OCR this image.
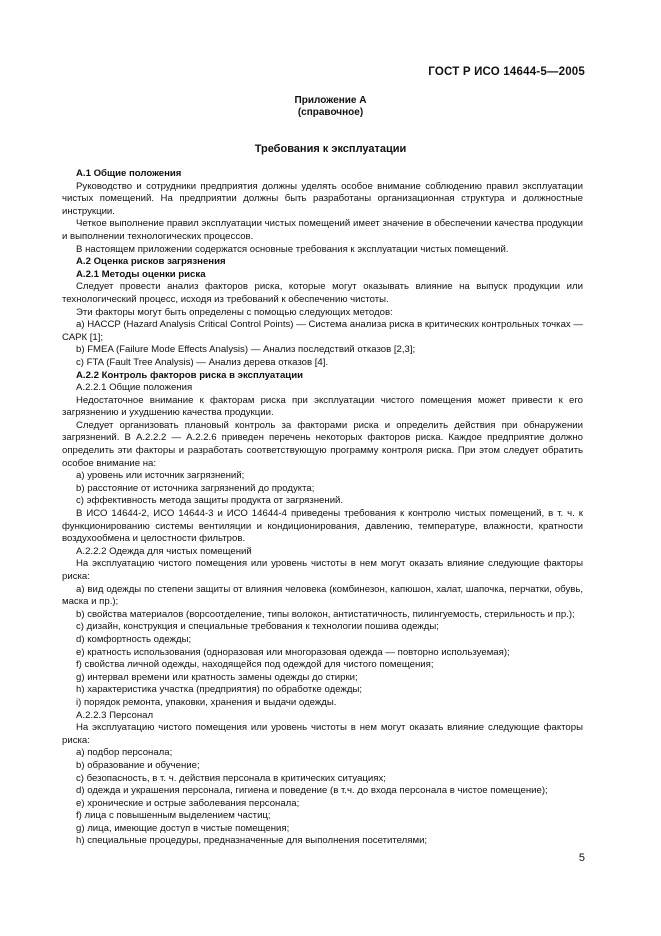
ГОСТ Р ИСО 14644-5—2005
Приложение А
(справочное)
Требования к эксплуатации

А.1 Общие положения

Руководство и сотрудники предприятия должны уделять особое внимание соблюдению правил эксплуатации чистых помещений. На предприятии должны быть разработаны организационная структура и должностные инструкции.

Четкое выполнение правил эксплуатации чистых помещений имеет значение в обеспечении качества продукции и выполнении технологических процессов.

В настоящем приложении содержатся основные требования к эксплуатации чистых помещений.

А.2 Оценка рисков загрязнения

А.2.1 Методы оценки риска

Следует провести анализ факторов риска, которые могут оказывать влияние на выпуск продукции или технологический процесс, исходя из требований к обеспечению чистоты.

Эти факторы могут быть определены с помощью следующих методов:

a) HACCP (Hazard Analysis Critical Control Points) — Система анализа риска в критических контрольных точках — САРК [1];

b) FMEA (Failure Mode Effects Analysis) — Анализ последствий отказов [2,3];

c) FTA (Fault Tree Analysis) — Анализ дерева отказов [4].

А.2.2 Контроль факторов риска в эксплуатации

А.2.2.1 Общие положения

Недостаточное внимание к факторам риска при эксплуатации чистого помещения может привести к его загрязнению и ухудшению качества продукции.

Следует организовать плановый контроль за факторами риска и определить действия при обнаружении загрязнений. В А.2.2.2 — А.2.2.6 приведен перечень некоторых факторов риска. Каждое предприятие должно определить эти факторы и разработать соответствующую программу контроля риска. При этом следует обратить особое внимание на:

a) уровень или источник загрязнений;

b) расстояние от источника загрязнений до продукта;

c) эффективность метода защиты продукта от загрязнений.

В ИСО 14644-2, ИСО 14644-3 и ИСО 14644-4 приведены требования к контролю чистых помещений, в т. ч. к функционированию системы вентиляции и кондиционирования, давлению, температуре, влажности, кратности воздухообмена и целостности фильтров.

А.2.2.2 Одежда для чистых помещений

На эксплуатацию чистого помещения или уровень чистоты в нем могут оказать влияние следующие факторы риска:

a) вид одежды по степени защиты от влияния человека (комбинезон, капюшон, халат, шапочка, перчатки, обувь, маска и пр.);

b) свойства материалов (ворсоотделение, типы волокон, антистатичность, пилингуемость, стерильность и пр.);

c) дизайн, конструкция и специальные требования к технологии пошива одежды;

d) комфортность одежды;

e) кратность использования (одноразовая или многоразовая одежда — повторно используемая);

f) свойства личной одежды, находящейся под одеждой для чистого помещения;

g) интервал времени или кратность замены одежды до стирки;

h) характеристика участка (предприятия) по обработке одежды;

i) порядок ремонта, упаковки, хранения и выдачи одежды.

А.2.2.3 Персонал

На эксплуатацию чистого помещения или уровень чистоты в нем могут оказать влияние следующие факторы риска:

a) подбор персонала;

b) образование и обучение;

c) безопасность, в т. ч. действия персонала в критических ситуациях;

d) одежда и украшения персонала, гигиена и поведение (в т.ч. до входа персонала в чистое помещение);

e) хронические и острые заболевания персонала;

f) лица с повышенным выделением частиц;

g) лица, имеющие доступ в чистые помещения;

h) специальные процедуры, предназначенные для выполнения посетителями;

5
